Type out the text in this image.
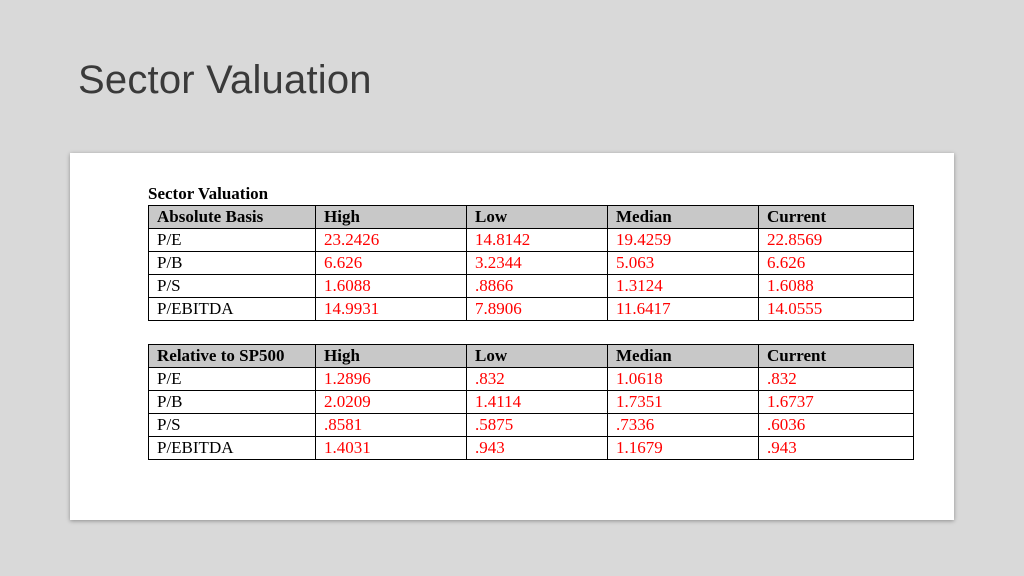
Sector Valuation
Sector Valuation
Absolute Basis	High	Low	Median	Current
P/E	23.2426	14.8142	19.4259	22.8569
P/B	6.626	3.2344	5.063	6.626
P/S	1.6088	.8866	1.3124	1.6088
P/EBITDA	14.9931	7.8906	11.6417	14.0555
Relative to SP500	High	Low	Median	Current
P/E	1.2896	.832	1.0618	.832
P/B	2.0209	1.4114	1.7351	1.6737
P/S	.8581	.5875	.7336	.6036
P/EBITDA	1.4031	.943	1.1679	.943
